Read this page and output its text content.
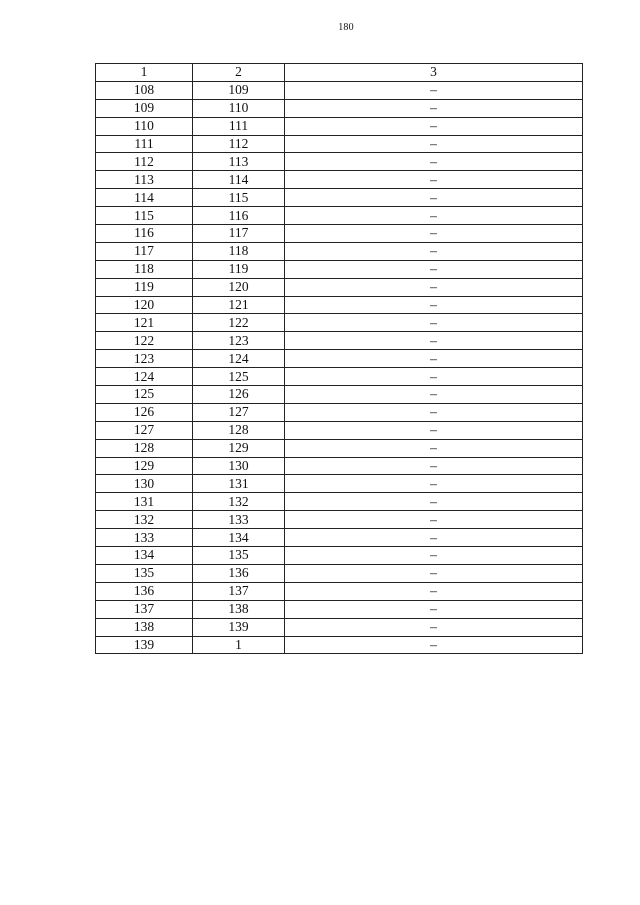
180
1	2	3
108	109	–
109	110	–
110	111	–
111	112	–
112	113	–
113	114	–
114	115	–
115	116	–
116	117	–
117	118	–
118	119	–
119	120	–
120	121	–
121	122	–
122	123	–
123	124	–
124	125	–
125	126	–
126	127	–
127	128	–
128	129	–
129	130	–
130	131	–
131	132	–
132	133	–
133	134	–
134	135	–
135	136	–
136	137	–
137	138	–
138	139	–
139	1	–
